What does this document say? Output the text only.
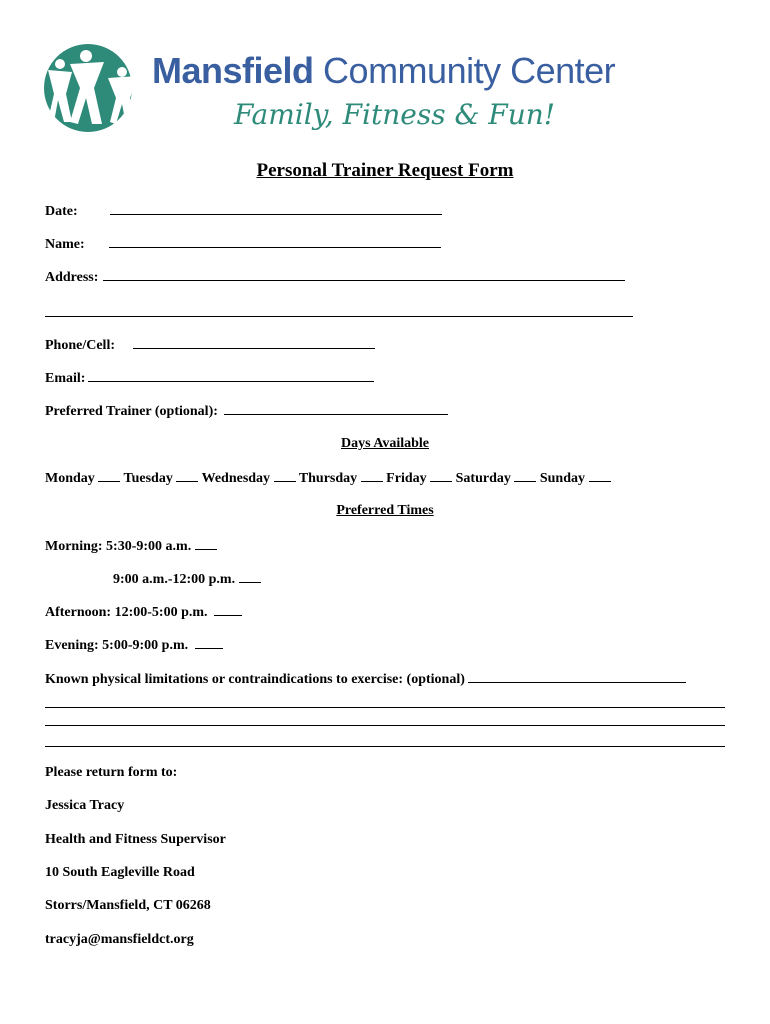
Mansfield Community Center
Family, Fitness & Fun!
Personal Trainer Request Form
Date:
Name:
Address:
Phone/Cell:
Email:
Preferred Trainer (optional):
Days Available
Monday Tuesday Wednesday Thursday Friday Saturday Sunday
Preferred Times
Morning: 5:30-9:00 a.m.
9:00 a.m.-12:00 p.m.
Afternoon: 12:00-5:00 p.m.
Evening: 5:00-9:00 p.m.
Known physical limitations or contraindications to exercise: (optional)
Please return form to:
Jessica Tracy
Health and Fitness Supervisor
10 South Eagleville Road
Storrs/Mansfield, CT 06268
tracyja@mansfieldct.org
